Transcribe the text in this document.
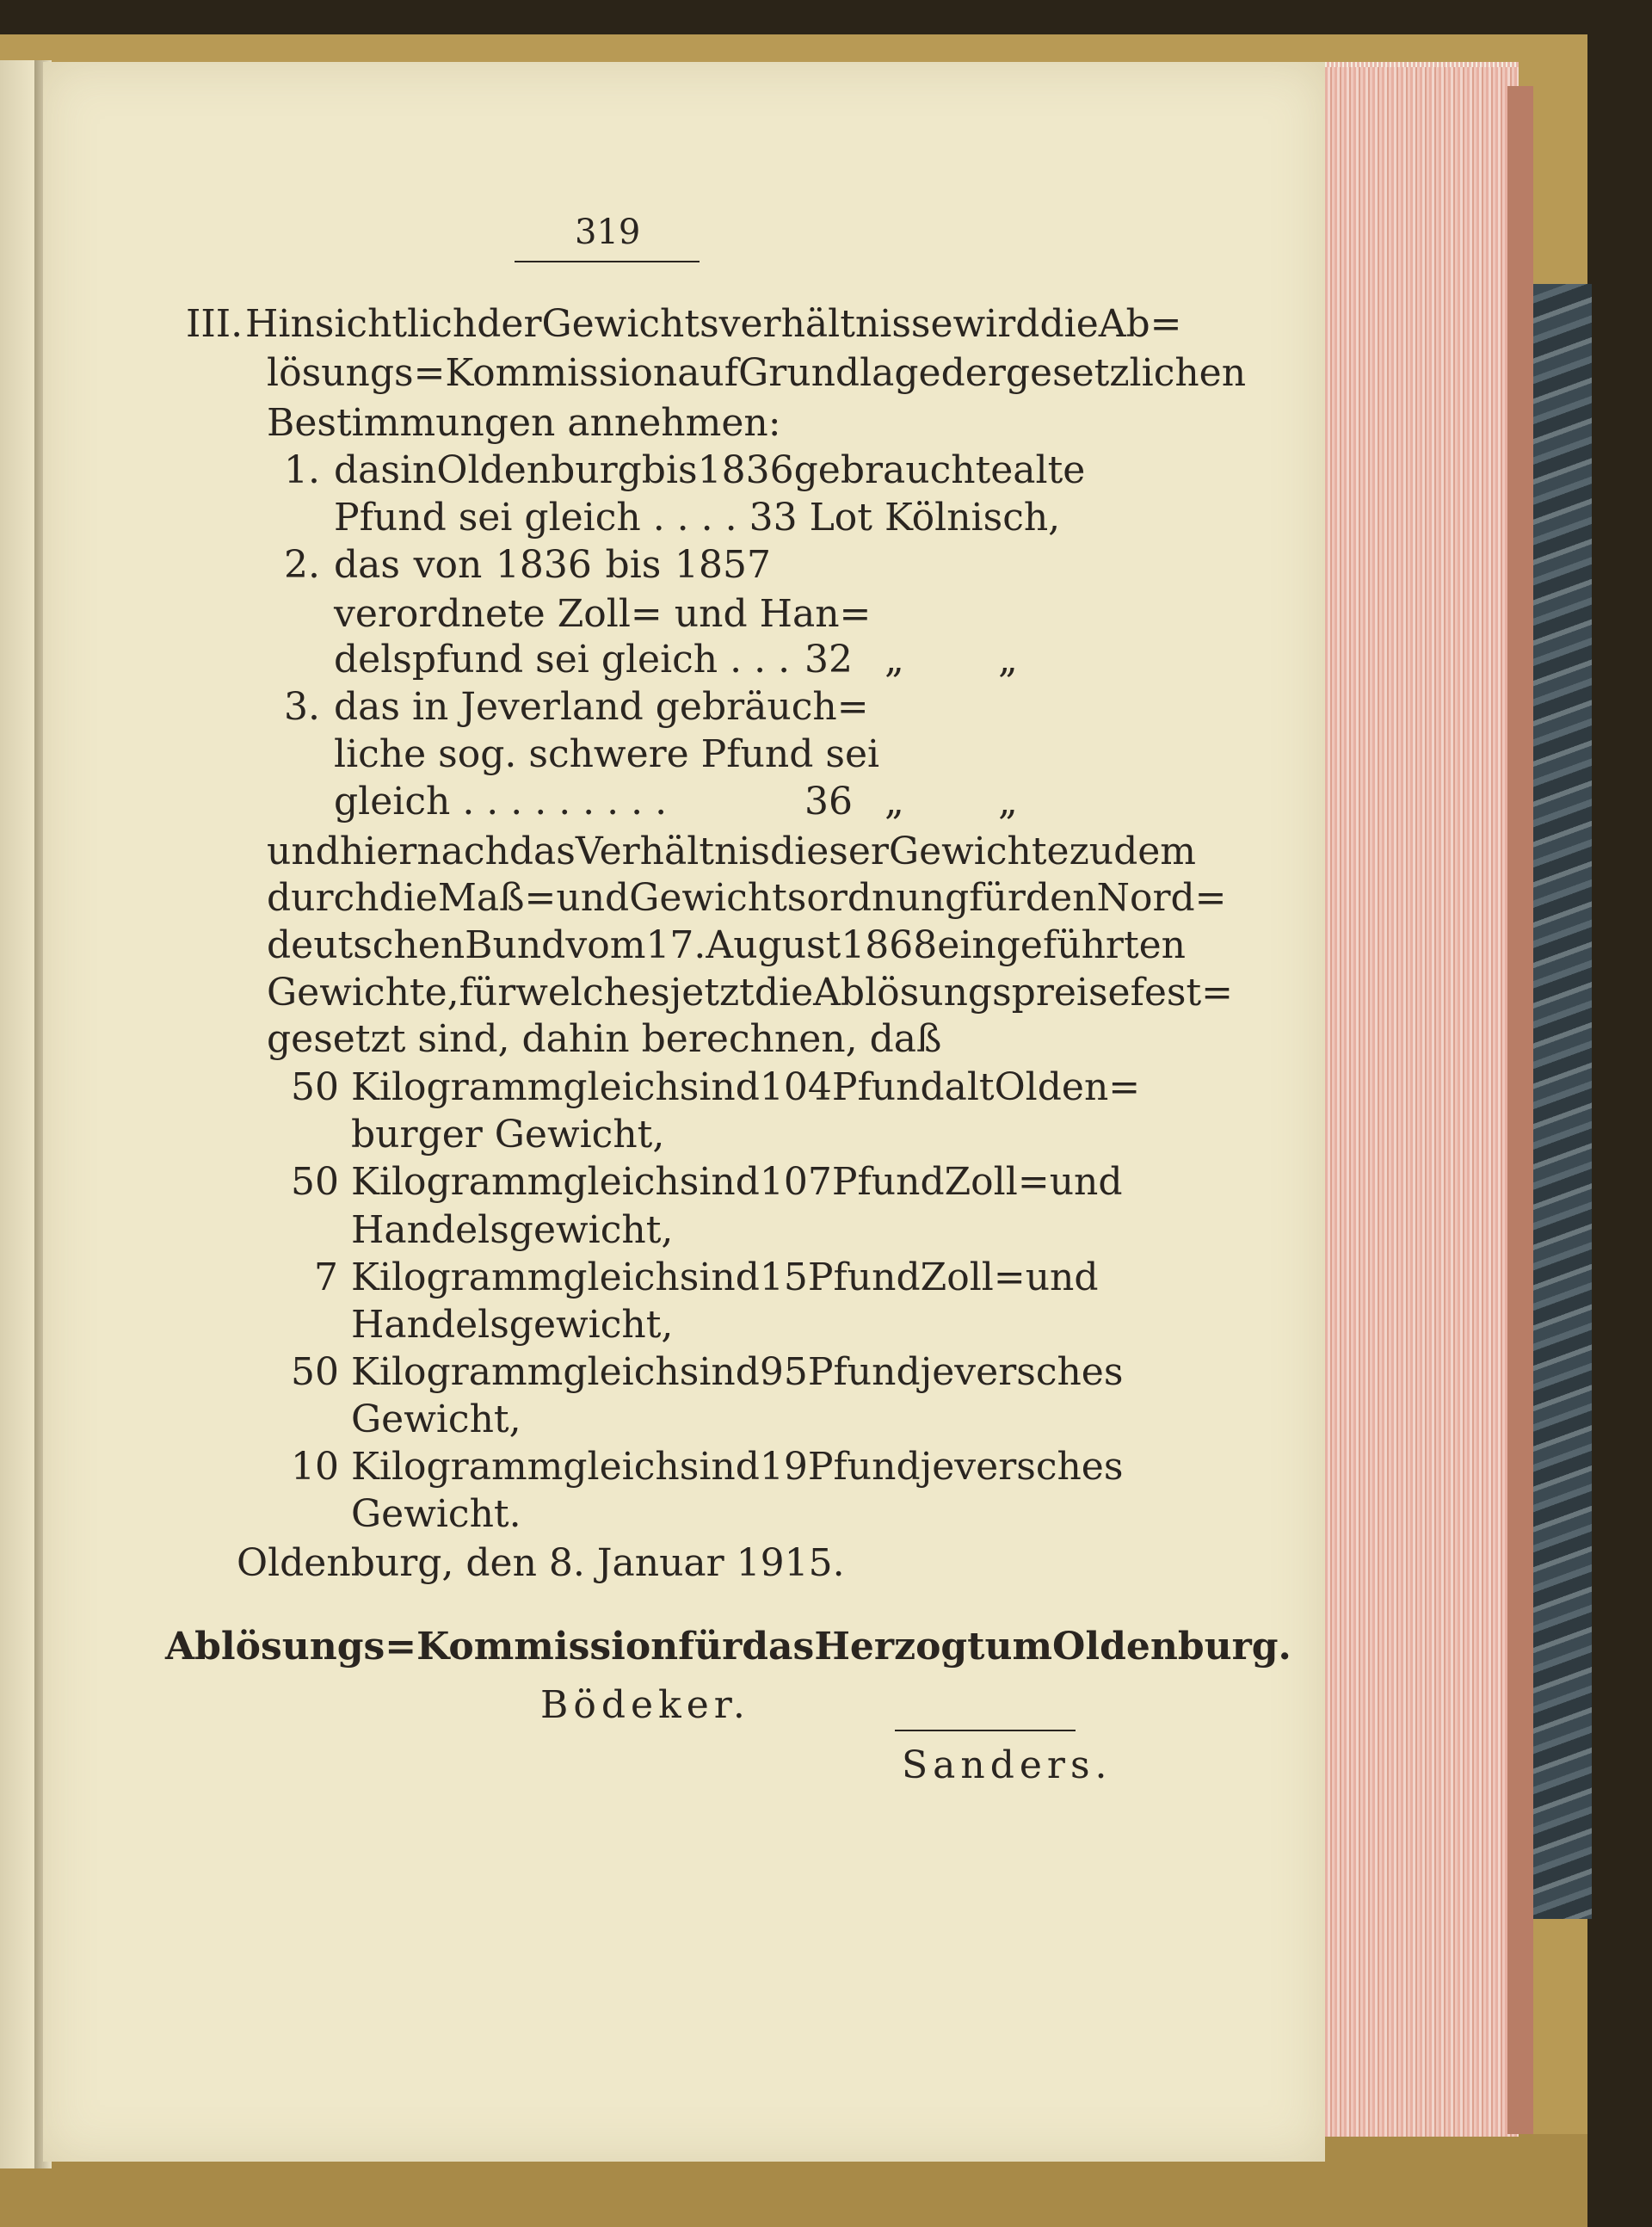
319
III. Hinsichtlich der Gewichtsverhältnisse wird die Ab=
lösungs=Kommission auf Grundlage der gesetzlichen
Bestimmungen annehmen:
1. das in Oldenburg bis 1836 gebrauchte alte
Pfund sei gleich . . . . 33 Lot Kölnisch,
2. das von 1836 bis 1857
verordnete Zoll= und Han=
delspfund sei gleich . . . 32 „ „
3. das in Jeverland gebräuch=
liche sog. schwere Pfund sei
gleich . . . . . . . . .	36 „ „
und hiernach das Verhältnis dieser Gewichte zu dem
durch die Maß= und Gewichtsordnung für den Nord=
deutschen Bund vom 17. August 1868 eingeführten
Gewichte, für welches jetzt die Ablösungspreise fest=
gesetzt sind, dahin berechnen, daß
50 Kilogramm gleich sind 104 Pfund alt Olden=
burger Gewicht,
50 Kilogramm gleich sind 107 Pfund Zoll= und
Handelsgewicht,
7 Kilogramm gleich sind 15 Pfund Zoll= und
Handelsgewicht,
50 Kilogramm gleich sind 95 Pfund jeversches
Gewicht,
10 Kilogramm gleich sind 19 Pfund jeversches
Gewicht.
Oldenburg, den 8. Januar 1915.
Ablösungs=Kommission für das Herzogtum Oldenburg.
Bödeker.
Sanders.
